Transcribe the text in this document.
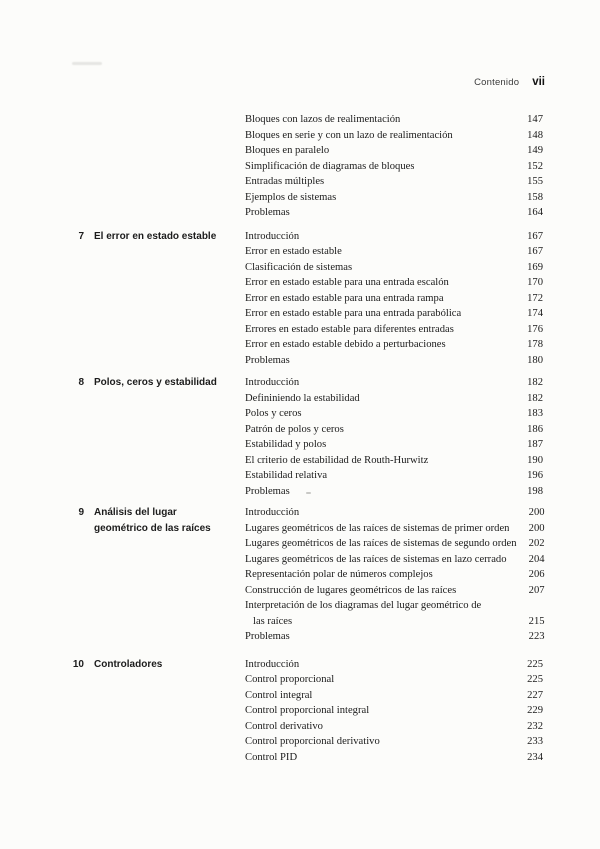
Contenido vii
Bloques con lazos de realimentación	147
Bloques en serie y con un lazo de realimentación	148
Bloques en paralelo	149
Simplificación de diagramas de bloques	152
Entradas múltiples	155
Ejemplos de sistemas	158
Problemas	164
7 El error en estado estable	Introducción	167
Error en estado estable	167
Clasificación de sistemas	169
Error en estado estable para una entrada escalón	170
Error en estado estable para una entrada rampa	172
Error en estado estable para una entrada parabólica	174
Errores en estado estable para diferentes entradas	176
Error en estado estable debido a perturbaciones	178
Problemas	180
8 Polos, ceros y estabilidad	Introducción	182
Defininiendo la estabilidad	182
Polos y ceros	183
Patrón de polos y ceros	186
Estabilidad y polos	187
El criterio de estabilidad de Routh-Hurwitz	190
Estabilidad relativa	196
Problemas	198
9 Análisis del lugar
geométrico de las raíces
Introducción	200
Lugares geométricos de las raíces de sistemas de primer orden	200
Lugares geométricos de las raíces de sistemas de segundo orden	202
Lugares geométricos de las raíces de sistemas en lazo cerrado	204
Representación polar de números complejos	206
Construcción de lugares geométricos de las raíces	207
Interpretación de los diagramas del lugar geométrico de
las raíces	215
Problemas	223
10 Controladores	Introducción	225
Control proporcional	225
Control integral	227
Control proporcional integral	229
Control derivativo	232
Control proporcional derivativo	233
Control PID	234
